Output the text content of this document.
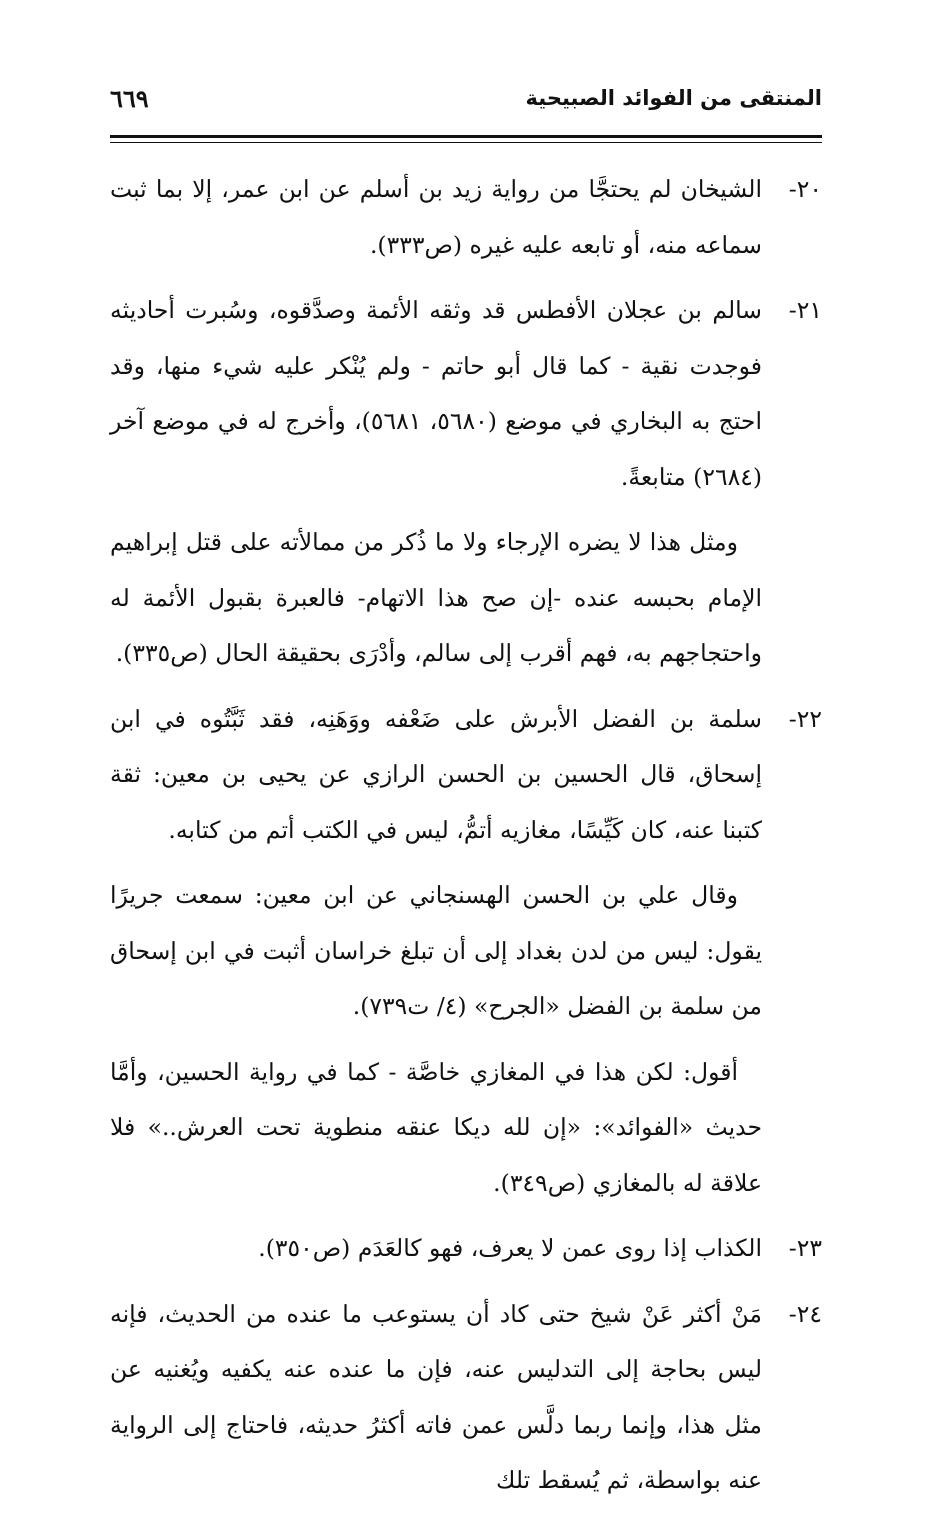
المنتقى من الفوائد الصبيحية
٦٦٩
٢٠-
الشيخان لم يحتجَّا من رواية زيد بن أسلم عن ابن عمر، إلا بما ثبت سماعه منه، أو تابعه عليه غيره (ص٣٣٣).
٢١-
سالم بن عجلان الأفطس قد وثقه الأئمة وصدَّقوه، وسُبرت أحاديثه فوجدت نقية - كما قال أبو حاتم - ولم يُنْكر عليه شيء منها، وقد احتج به البخاري في موضع (٥٦٨٠، ٥٦٨١)، وأخرج له في موضع آخر (٢٦٨٤) متابعةً.
ومثل هذا لا يضره الإرجاء ولا ما ذُكر من ممالأته على قتل إبراهيم الإمام بحبسه عنده -إن صح هذا الاتهام- فالعبرة بقبول الأئمة له واحتجاجهم به، فهم أقرب إلى سالم، وأدْرَى بحقيقة الحال (ص٣٣٥).
٢٢-
سلمة بن الفضل الأبرش على ضَعْفه ووَهَنِه، فقد ثَبَّتُوه في ابن إسحاق، قال الحسين بن الحسن الرازي عن يحيى بن معين: ثقة كتبنا عنه، كان كَيِّسًا، مغازيه أتمُّ، ليس في الكتب أتم من كتابه.
وقال علي بن الحسن الهسنجاني عن ابن معين: سمعت جريرًا يقول: ليس من لدن بغداد إلى أن تبلغ خراسان أثبت في ابن إسحاق من سلمة بن الفضل «الجرح» (٤/ ت٧٣٩).
أقول: لكن هذا في المغازي خاصَّة - كما في رواية الحسين، وأمَّا حديث «الفوائد»: «إن لله ديكا عنقه منطوية تحت العرش..» فلا علاقة له بالمغازي (ص٣٤٩).
٢٣-
الكذاب إذا روى عمن لا يعرف، فهو كالعَدَم (ص٣٥٠).
٢٤-
مَنْ أكثر عَنْ شيخ حتى كاد أن يستوعب ما عنده من الحديث، فإنه ليس بحاجة إلى التدليس عنه، فإن ما عنده عنه يكفيه ويُغنيه عن مثل هذا، وإنما ربما دلَّس عمن فاته أكثرُ حديثه، فاحتاج إلى الرواية عنه بواسطة، ثم يُسقط تلك
